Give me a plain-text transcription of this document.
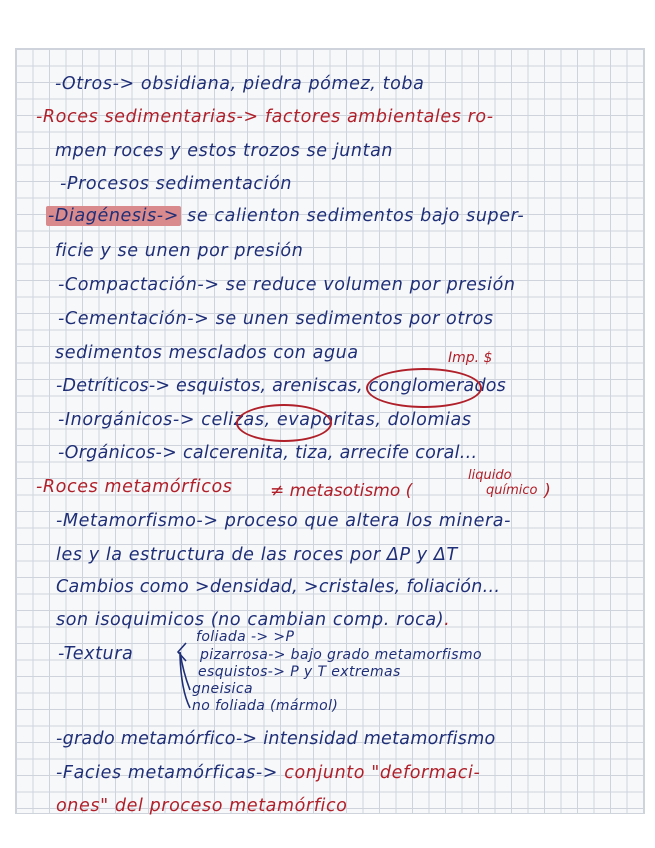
-Otros-> obsidiana, piedra pómez, toba
-Roces sedimentarias-> factores ambientales ro-
mpen roces y estos trozos se juntan
-Procesos sedimentación
-Diagénesis-> se calienton sedimentos bajo super-
ficie y se unen por presión
-Compactación-> se reduce volumen por presión
-Cementación-> se unen sedimentos por otros
sedimentos mesclados con agua	Imp. $
-Detríticos-> esquistos, areniscas, conglomerados
-Inorgánicos-> celizas, evaporitas, dolomias
-Orgánicos-> calcerenita, tiza, arrecife coral...
-Roces metamórficos
liquido
químico
≠ metasotismo (	)
-Metamorfismo-> proceso que altera los minera-
les y la estructura de las roces por ΔP y ΔT
Cambios como >densidad, >cristales, foliación...
son isoquimicos (no cambian comp. roca).
-Textura
foliada -> >P
pizarrosa-> bajo grado metamorfismo
esquistos-> P y T extremas
gneisica
no foliada (mármol)
-grado metamórfico-> intensidad metamorfismo
-Facies metamórficas-> conjunto "deformaci-
ones" del proceso metamórfico
